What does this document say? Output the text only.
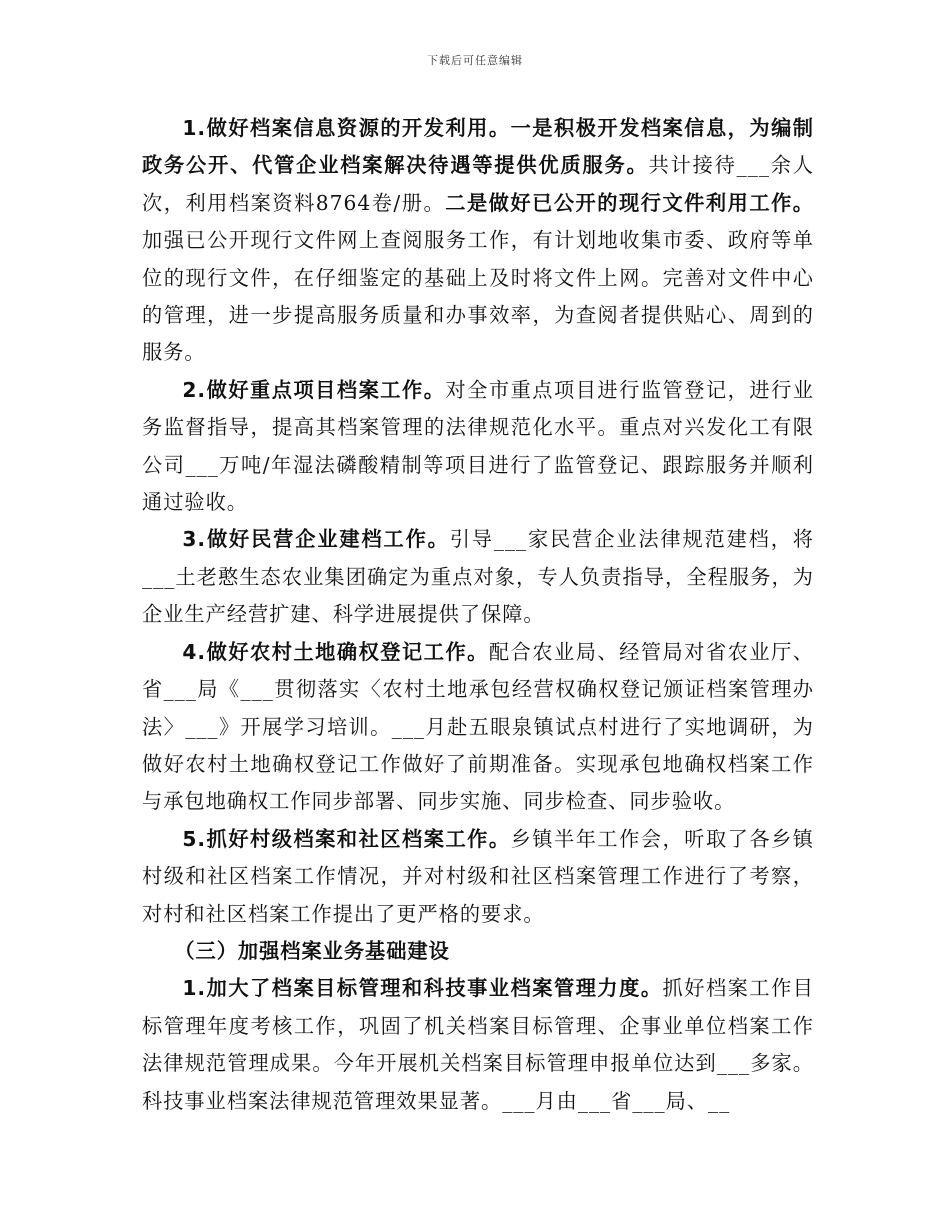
下载后可任意编辑

1.做好档案信息资源的开发利用。一是积极开发档案信息，为编制政务公开、代管企业档案解决待遇等提供优质服务。共计接待___余人次，利用档案资料8764卷/册。二是做好已公开的现行文件利用工作。加强已公开现行文件网上查阅服务工作，有计划地收集市委、政府等单位的现行文件，在仔细鉴定的基础上及时将文件上网。完善对文件中心的管理，进一步提高服务质量和办事效率，为查阅者提供贴心、周到的服务。

2.做好重点项目档案工作。对全市重点项目进行监管登记，进行业务监督指导，提高其档案管理的法律规范化水平。重点对兴发化工有限公司___万吨/年湿法磷酸精制等项目进行了监管登记、跟踪服务并顺利通过验收。

3.做好民营企业建档工作。引导___家民营企业法律规范建档，将___土老憨生态农业集团确定为重点对象，专人负责指导，全程服务，为企业生产经营扩建、科学进展提供了保障。

4.做好农村土地确权登记工作。配合农业局、经管局对省农业厅、省___局《___贯彻落实〈农村土地承包经营权确权登记颁证档案管理办法〉___》开展学习培训。___月赴五眼泉镇试点村进行了实地调研，为做好农村土地确权登记工作做好了前期准备。实现承包地确权档案工作与承包地确权工作同步部署、同步实施、同步检查、同步验收。

5.抓好村级档案和社区档案工作。乡镇半年工作会，听取了各乡镇村级和社区档案工作情况，并对村级和社区档案管理工作进行了考察，对村和社区档案工作提出了更严格的要求。

（三）加强档案业务基础建设

1.加大了档案目标管理和科技事业档案管理力度。抓好档案工作目标管理年度考核工作，巩固了机关档案目标管理、企事业单位档案工作法律规范管理成果。今年开展机关档案目标管理申报单位达到___多家。科技事业档案法律规范管理效果显著。___月由___省___局、__
